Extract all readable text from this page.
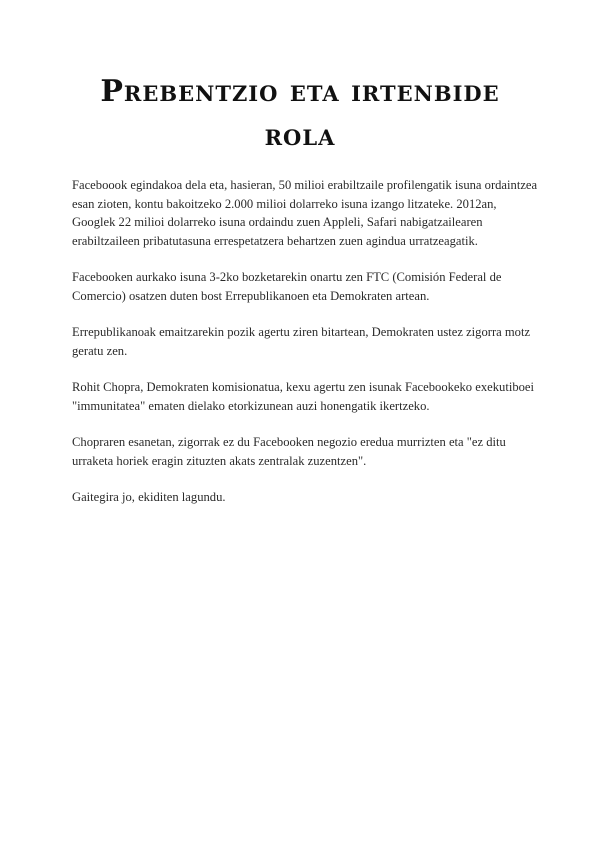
Prebentzio eta irtenbide
rola

Faceboook egindakoa dela eta, hasieran, 50 milioi erabiltzaile profilengatik isuna ordaintzea esan zioten, kontu bakoitzeko 2.000 milioi dolarreko isuna izango litzateke. 2012an, Googlek 22 milioi dolarreko isuna ordaindu zuen Appleli, Safari nabigatzailearen erabiltzaileen pribatutasuna errespetatzera behartzen zuen agindua urratzeagatik.

Facebooken aurkako isuna 3-2ko bozketarekin onartu zen FTC (Comisión Federal de Comercio) osatzen duten bost Errepublikanoen eta Demokraten artean.

Errepublikanoak emaitzarekin pozik agertu ziren bitartean, Demokraten ustez zigorra motz geratu zen.

Rohit Chopra, Demokraten komisionatua, kexu agertu zen isunak Facebookeko exekutiboei "immunitatea" ematen dielako etorkizunean auzi honengatik ikertzeko.

Chopraren esanetan, zigorrak ez du Facebooken negozio eredua murrizten eta "ez ditu urraketa horiek eragin zituzten akats zentralak zuzentzen".

Gaitegira jo, ekiditen lagundu.
